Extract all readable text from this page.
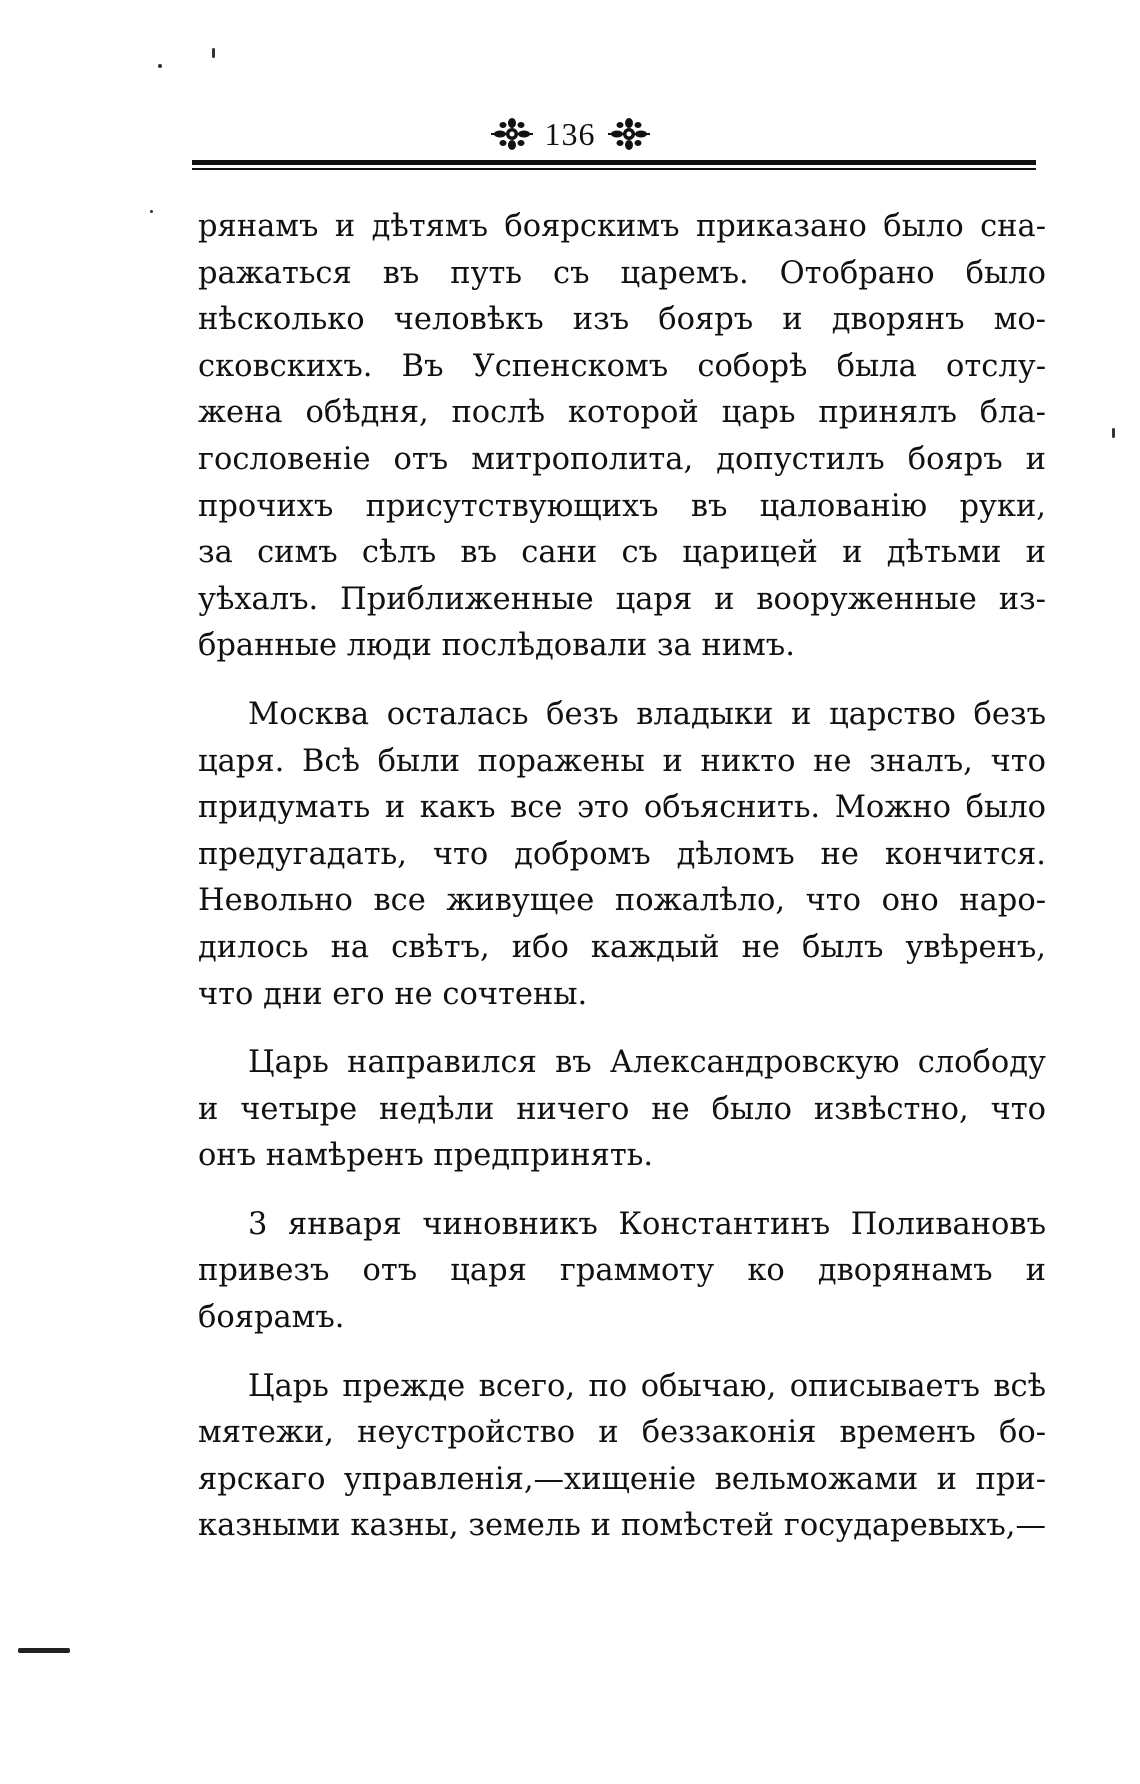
136

рянамъ и дѣтямъ боярскимъ приказано было сна-
ражаться въ путь съ царемъ. Отобрано было
нѣсколько человѣкъ изъ бояръ и дворянъ мо-
сковскихъ. Въ Успенскомъ соборѣ была отслу-
жена обѣдня, послѣ которой царь принялъ бла-
гословеніе отъ митрополита, допустилъ бояръ и
прочихъ присутствующихъ въ цалованію руки,
за симъ сѣлъ въ сани съ царицей и дѣтьми и
уѣхалъ. Приближенные царя и вооруженные из-
бранные люди послѣдовали за нимъ.

Москва осталась безъ владыки и царство безъ
царя. Всѣ были поражены и никто не зналъ, что
придумать и какъ все это объяснить. Можно было
предугадать, что добромъ дѣломъ не кончится.
Невольно все живущее пожалѣло, что оно наро-
дилось на свѣтъ, ибо каждый не былъ увѣренъ,
что дни его не сочтены.

Царь направился въ Александровскую слободу
и четыре недѣли ничего не было извѣстно, что
онъ намѣренъ предпринять.

3 января чиновникъ Константинъ Поливановъ
привезъ отъ царя граммоту ко дворянамъ и
боярамъ.

Царь прежде всего, по обычаю, описываетъ всѣ
мятежи, неустройство и беззаконія временъ бо-
ярскаго управленія,—хищеніе вельможами и при-
казными казны, земель и помѣстей государевыхъ,—
